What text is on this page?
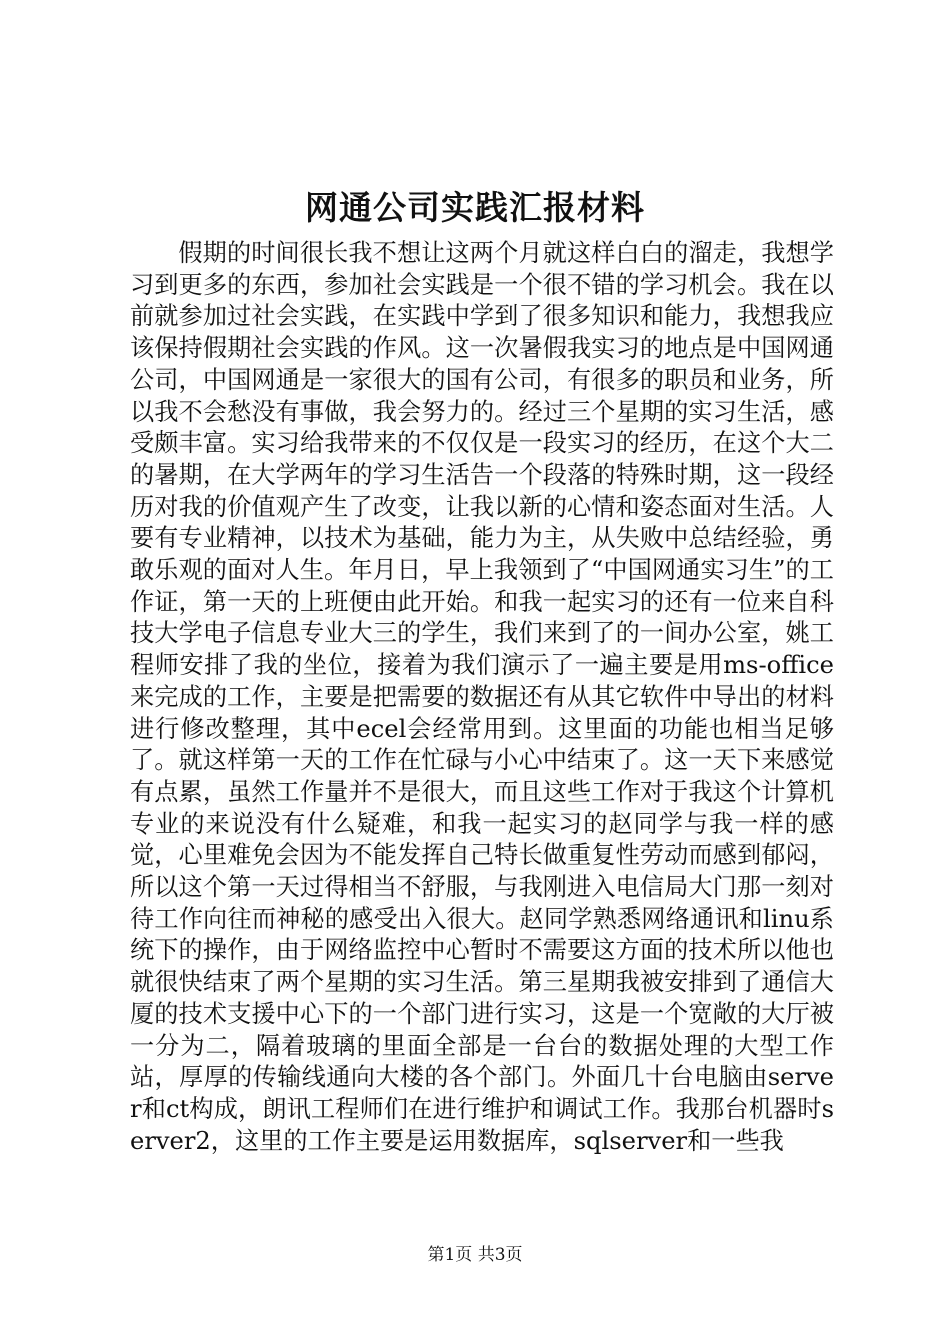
网通公司实践汇报材料

假期的时间很长我不想让这两个月就这样白白的溜走，我想学习到更多的东西，参加社会实践是一个很不错的学习机会。我在以前就参加过社会实践，在实践中学到了很多知识和能力，我想我应该保持假期社会实践的作风。这一次暑假我实习的地点是中国网通公司，中国网通是一家很大的国有公司，有很多的职员和业务，所以我不会愁没有事做，我会努力的。经过三个星期的实习生活，感受颇丰富。实习给我带来的不仅仅是一段实习的经历，在这个大二的暑期，在大学两年的学习生活告一个段落的特殊时期，这一段经历对我的价值观产生了改变，让我以新的心情和姿态面对生活。人要有专业精神，以技术为基础，能力为主，从失败中总结经验，勇敢乐观的面对人生。年月日，早上我领到了“中国网通实习生”的工作证，第一天的上班便由此开始。和我一起实习的还有一位来自科技大学电子信息专业大三的学生，我们来到了的一间办公室，姚工程师安排了我的坐位，接着为我们演示了一遍主要是用ms-office来完成的工作，主要是把需要的数据还有从其它软件中导出的材料进行修改整理，其中ecel会经常用到。这里面的功能也相当足够了。就这样第一天的工作在忙碌与小心中结束了。这一天下来感觉有点累，虽然工作量并不是很大，而且这些工作对于我这个计算机专业的来说没有什么疑难，和我一起实习的赵同学与我一样的感觉，心里难免会因为不能发挥自己特长做重复性劳动而感到郁闷，所以这个第一天过得相当不舒服，与我刚进入电信局大门那一刻对待工作向往而神秘的感受出入很大。赵同学熟悉网络通讯和linu系统下的操作，由于网络监控中心暂时不需要这方面的技术所以他也就很快结束了两个星期的实习生活。第三星期我被安排到了通信大厦的技术支援中心下的一个部门进行实习，这是一个宽敞的大厅被一分为二，隔着玻璃的里面全部是一台台的数据处理的大型工作站，厚厚的传输线通向大楼的各个部门。外面几十台电脑由server和ct构成，朗讯工程师们在进行维护和调试工作。我那台机器时server2，这里的工作主要是运用数据库，sqlserver和一些我

第1页 共3页
